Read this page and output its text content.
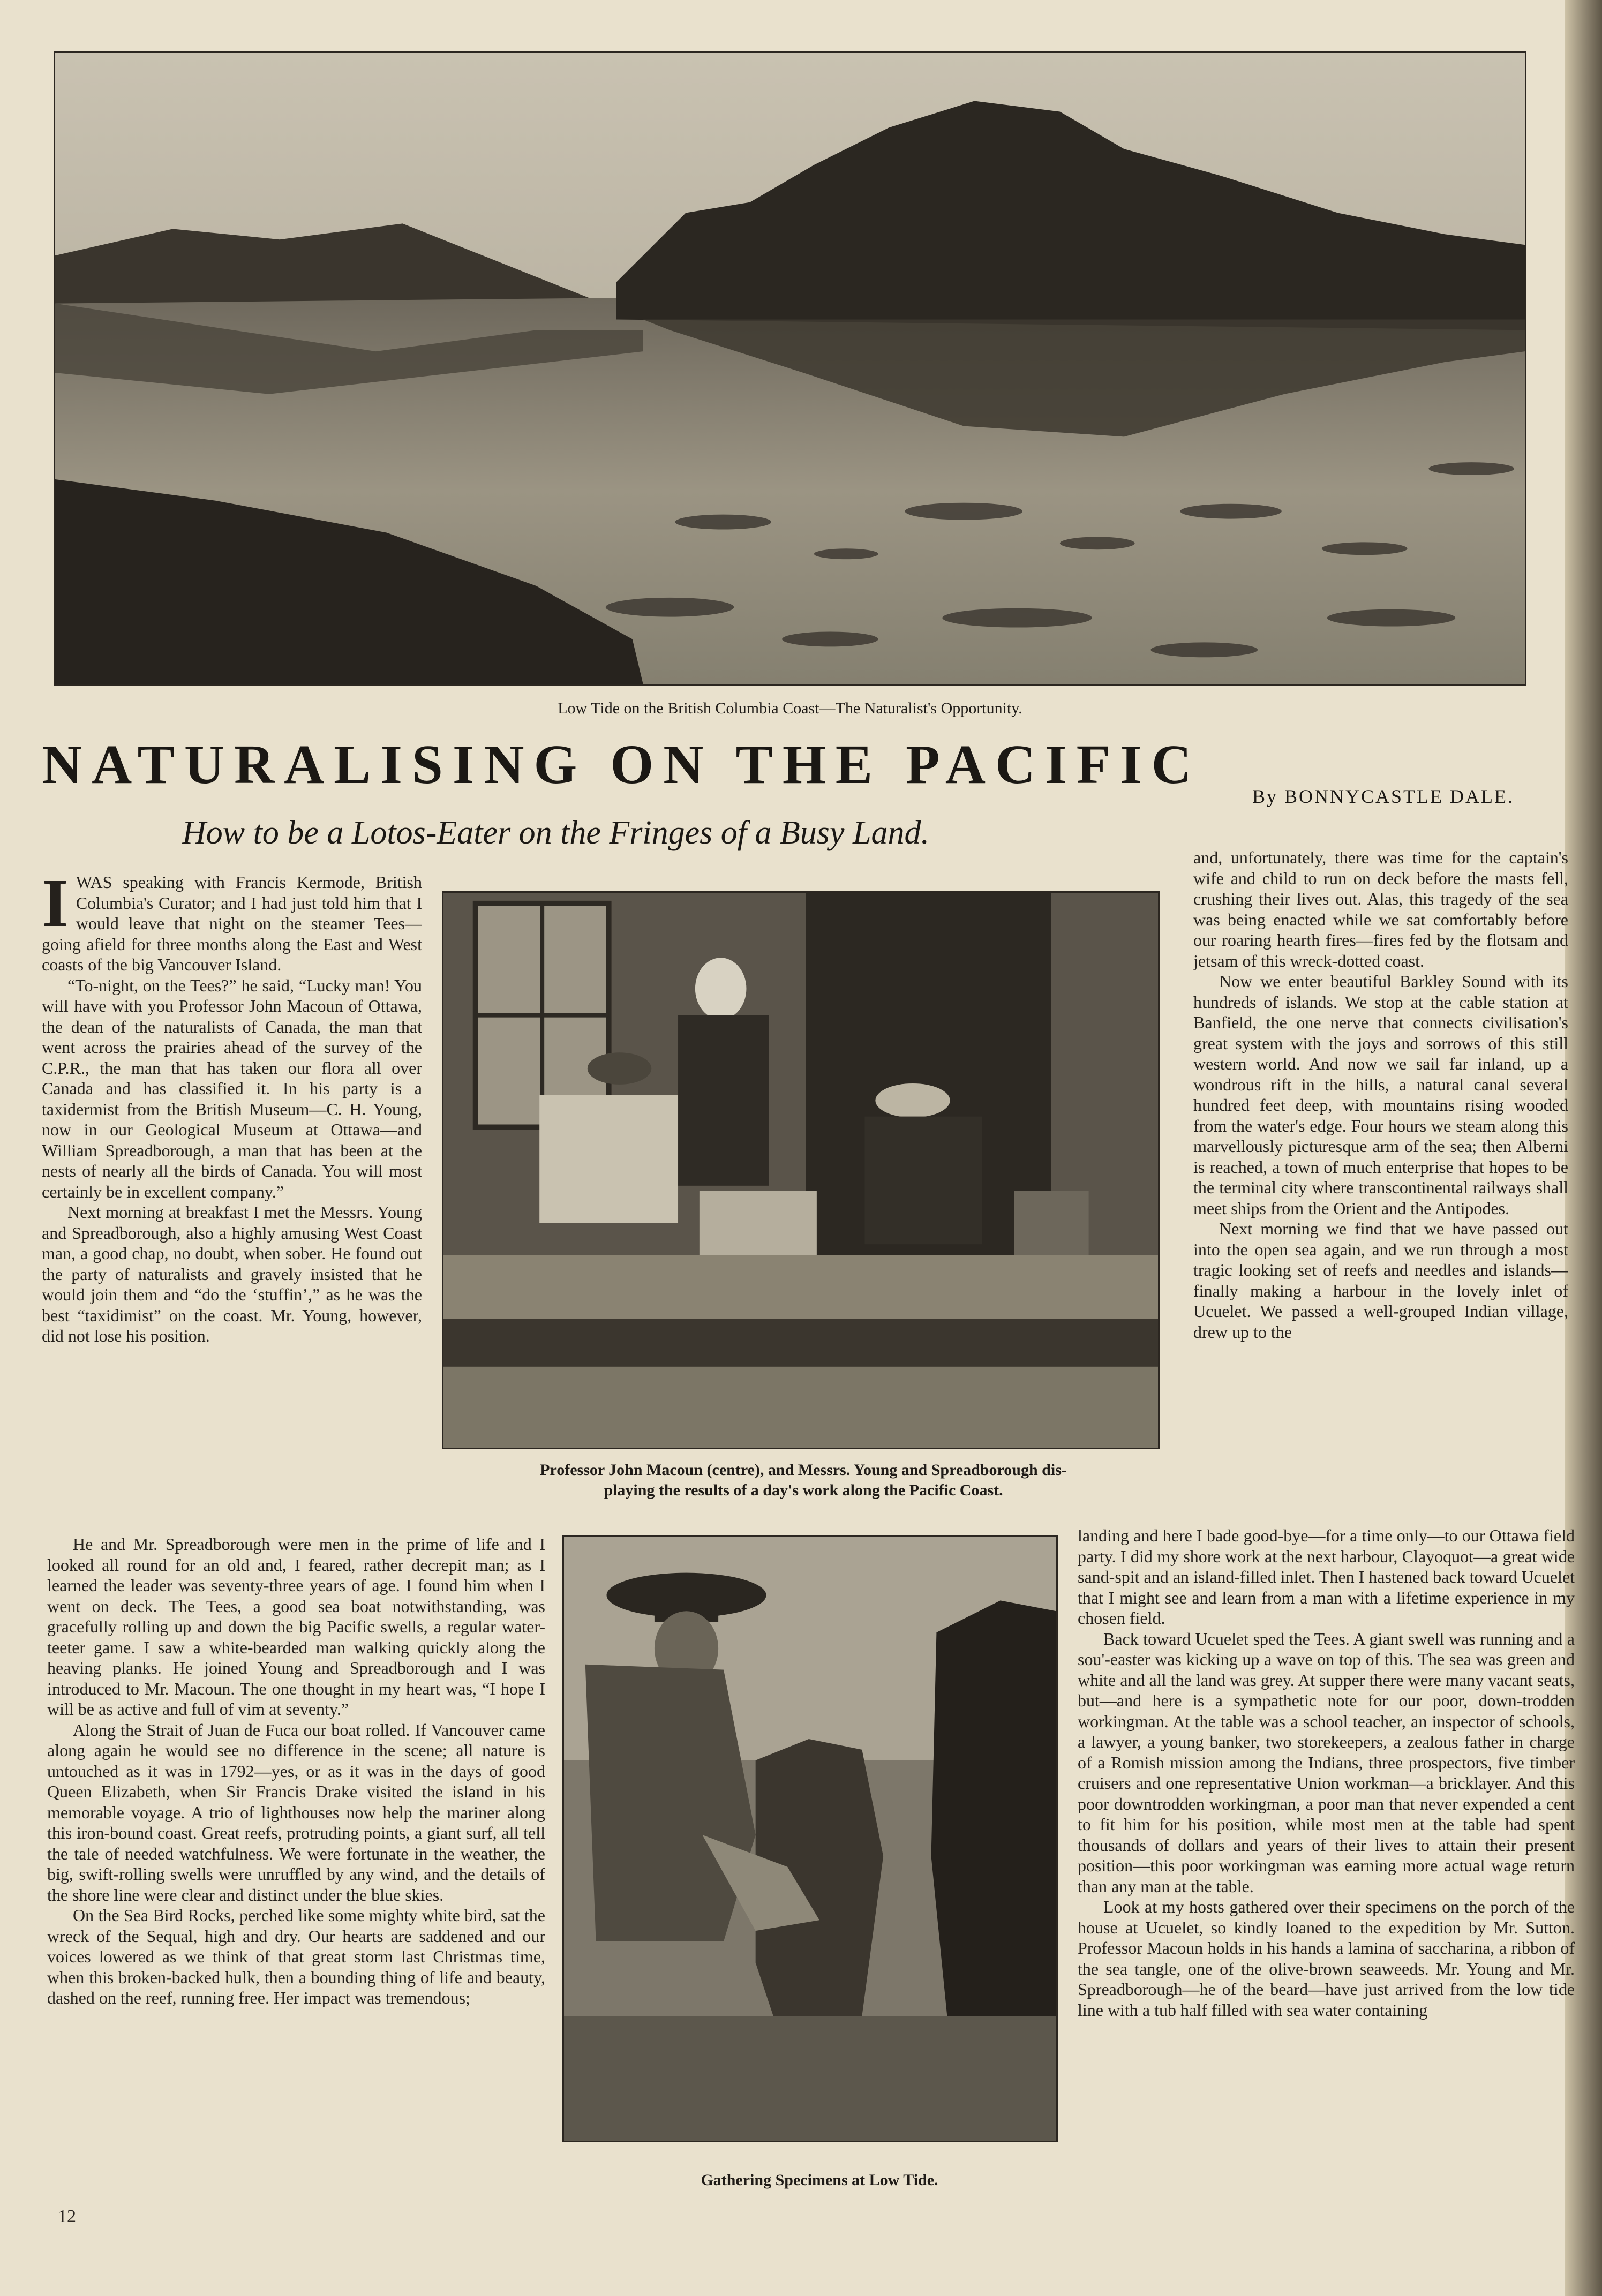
Low Tide on the British Columbia Coast—The Naturalist's Opportunity.
NATURALISING ON THE PACIFIC
By BONNYCASTLE DALE.
How to be a Lotos-Eater on the Fringes of a Busy Land.
Professor John Macoun (centre), and Messrs. Young and Spreadborough dis-
playing the results of a day's work along the Pacific Coast.
Gathering Specimens at Low Tide.

IWAS speaking with Francis Kermode, British Columbia's Curator; and I had just told him that I would leave that night on the steamer Tees—going afield for three months along the East and West coasts of the big Vancouver Island.

“To-night, on the Tees?” he said, “Lucky man! You will have with you Professor John Macoun of Ottawa, the dean of the naturalists of Canada, the man that went across the prairies ahead of the survey of the C.P.R., the man that has taken our flora all over Canada and has classified it. In his party is a taxidermist from the British Museum—C. H. Young, now in our Geological Museum at Ottawa—and William Spreadborough, a man that has been at the nests of nearly all the birds of Canada. You will most certainly be in excellent company.”

Next morning at breakfast I met the Messrs. Young and Spreadborough, also a highly amusing West Coast man, a good chap, no doubt, when sober. He found out the party of naturalists and gravely insisted that he would join them and “do the ‘stuffin’,” as he was the best “taxidimist” on the coast. Mr. Young, however, did not lose his position.

He and Mr. Spreadborough were men in the prime of life and I looked all round for an old and, I feared, rather decrepit man; as I learned the leader was seventy-three years of age. I found him when I went on deck. The Tees, a good sea boat notwithstanding, was gracefully rolling up and down the big Pacific swells, a regular water-teeter game. I saw a white-bearded man walking quickly along the heaving planks. He joined Young and Spreadborough and I was introduced to Mr. Macoun. The one thought in my heart was, “I hope I will be as active and full of vim at seventy.”

Along the Strait of Juan de Fuca our boat rolled. If Vancouver came along again he would see no difference in the scene; all nature is untouched as it was in 1792—yes, or as it was in the days of good Queen Elizabeth, when Sir Francis Drake visited the island in his memorable voyage. A trio of lighthouses now help the mariner along this iron-bound coast. Great reefs, protruding points, a giant surf, all tell the tale of needed watchfulness. We were fortunate in the weather, the big, swift-rolling swells were unruffled by any wind, and the details of the shore line were clear and distinct under the blue skies.

On the Sea Bird Rocks, perched like some mighty white bird, sat the wreck of the Sequal, high and dry. Our hearts are saddened and our voices lowered as we think of that great storm last Christmas time, when this broken-backed hulk, then a bounding thing of life and beauty, dashed on the reef, running free. Her impact was tremendous;

and, unfortunately, there was time for the captain's wife and child to run on deck before the masts fell, crushing their lives out. Alas, this tragedy of the sea was being enacted while we sat comfortably before our roaring hearth fires—fires fed by the flotsam and jetsam of this wreck-dotted coast.

Now we enter beautiful Barkley Sound with its hundreds of islands. We stop at the cable station at Banfield, the one nerve that connects civilisation's great system with the joys and sorrows of this still western world. And now we sail far inland, up a wondrous rift in the hills, a natural canal several hundred feet deep, with mountains rising wooded from the water's edge. Four hours we steam along this marvellously picturesque arm of the sea; then Alberni is reached, a town of much enterprise that hopes to be the terminal city where transcontinental railways shall meet ships from the Orient and the Antipodes.

Next morning we find that we have passed out into the open sea again, and we run through a most tragic looking set of reefs and needles and islands—finally making a harbour in the lovely inlet of Ucuelet. We passed a well-grouped Indian village, drew up to the

landing and here I bade good-bye—for a time only—to our Ottawa field party. I did my shore work at the next harbour, Clayoquot—a great wide sand-spit and an island-filled inlet. Then I hastened back toward Ucuelet that I might see and learn from a man with a lifetime experience in my chosen field.

Back toward Ucuelet sped the Tees. A giant swell was running and a sou'-easter was kicking up a wave on top of this. The sea was green and white and all the land was grey. At supper there were many vacant seats, but—and here is a sympathetic note for our poor, down-trodden workingman. At the table was a school teacher, an inspector of schools, a lawyer, a young banker, two storekeepers, a zealous father in charge of a Romish mission among the Indians, three prospectors, five timber cruisers and one representative Union workman—a bricklayer. And this poor downtrodden workingman, a poor man that never expended a cent to fit him for his position, while most men at the table had spent thousands of dollars and years of their lives to attain their present position—this poor workingman was earning more actual wage return than any man at the table.

Look at my hosts gathered over their specimens on the porch of the house at Ucuelet, so kindly loaned to the expedition by Mr. Sutton. Professor Macoun holds in his hands a lamina of saccharina, a ribbon of the sea tangle, one of the olive-brown seaweeds. Mr. Young and Mr. Spreadborough—he of the beard—have just arrived from the low tide line with a tub half filled with sea water containing

12
